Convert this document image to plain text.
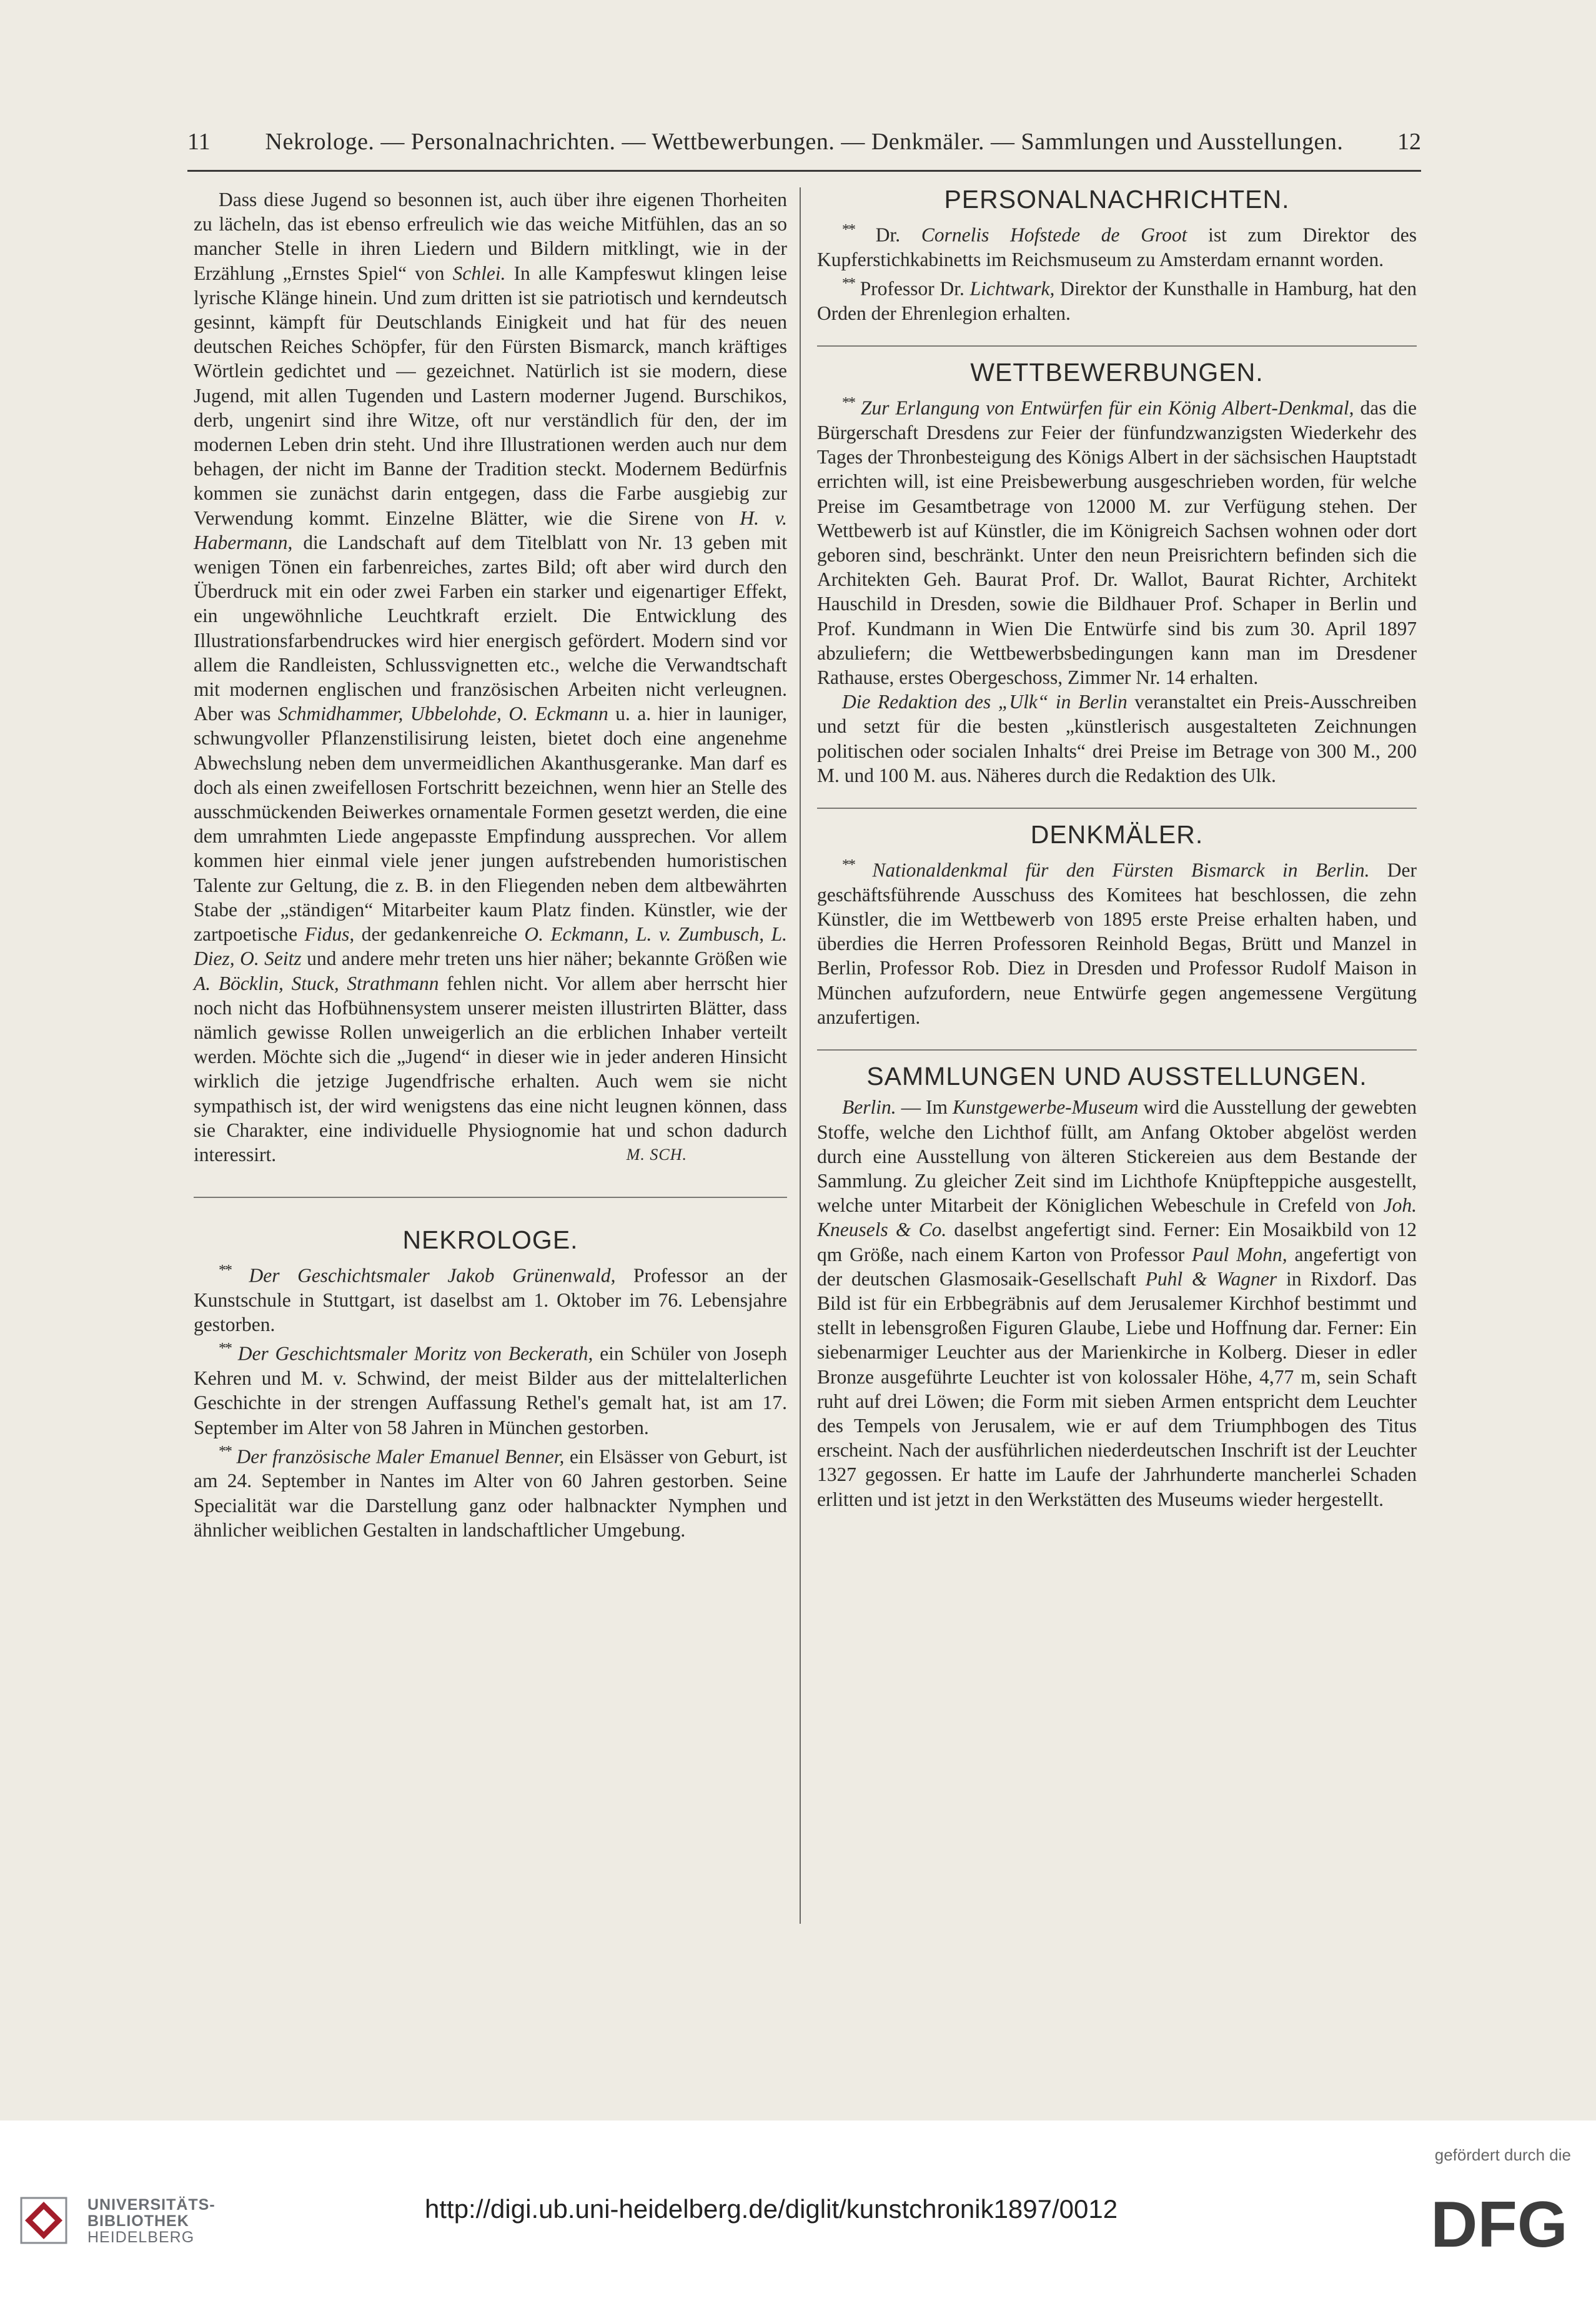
11	Nekrologe. — Personalnachrichten. — Wettbewerbungen. — Denkmäler. — Sammlungen und Ausstellungen.	12

Dass diese Jugend so besonnen ist, auch über ihre eigenen Thorheiten zu lächeln, das ist ebenso erfreulich wie das weiche Mitfühlen, das an so mancher Stelle in ihren Liedern und Bildern mitklingt, wie in der Erzählung „Ernstes Spiel“ von Schlei. In alle Kampfeswut klingen leise lyrische Klänge hinein. Und zum dritten ist sie patriotisch und kerndeutsch gesinnt, kämpft für Deutschlands Einigkeit und hat für des neuen deutschen Reiches Schöpfer, für den Fürsten Bismarck, manch kräftiges Wörtlein gedichtet und — gezeichnet. Natürlich ist sie modern, diese Jugend, mit allen Tugenden und Lastern moderner Jugend. Burschikos, derb, ungenirt sind ihre Witze, oft nur verständlich für den, der im modernen Leben drin steht. Und ihre Illustrationen werden auch nur dem behagen, der nicht im Banne der Tradition steckt. Modernem Bedürfnis kommen sie zunächst darin entgegen, dass die Farbe ausgiebig zur Verwendung kommt. Einzelne Blätter, wie die Sirene von H. v. Habermann, die Landschaft auf dem Titelblatt von Nr. 13 geben mit wenigen Tönen ein farbenreiches, zartes Bild; oft aber wird durch den Überdruck mit ein oder zwei Farben ein starker und eigenartiger Effekt, ein ungewöhnliche Leuchtkraft erzielt. Die Entwicklung des Illustrationsfarbendruckes wird hier energisch gefördert. Modern sind vor allem die Randleisten, Schlussvignetten etc., welche die Verwandtschaft mit modernen englischen und französischen Arbeiten nicht verleugnen. Aber was Schmidhammer, Ubbelohde, O. Eckmann u. a. hier in launiger, schwungvoller Pflanzenstilisirung leisten, bietet doch eine angenehme Abwechslung neben dem unvermeidlichen Akanthusgeranke. Man darf es doch als einen zweifellosen Fortschritt bezeichnen, wenn hier an Stelle des ausschmückenden Beiwerkes ornamentale Formen gesetzt werden, die eine dem umrahmten Liede angepasste Empfindung aussprechen. Vor allem kommen hier einmal viele jener jungen aufstrebenden humoristischen Talente zur Geltung, die z. B. in den Fliegenden neben dem altbewährten Stabe der „ständigen“ Mitarbeiter kaum Platz finden. Künstler, wie der zartpoetische Fidus, der gedankenreiche O. Eckmann, L. v. Zumbusch, L. Diez, O. Seitz und andere mehr treten uns hier näher; bekannte Größen wie A. Böcklin, Stuck, Strathmann fehlen nicht. Vor allem aber herrscht hier noch nicht das Hofbühnensystem unserer meisten illustrirten Blätter, dass nämlich gewisse Rollen unweigerlich an die erblichen Inhaber verteilt werden. Möchte sich die „Jugend“ in dieser wie in jeder anderen Hinsicht wirklich die jetzige Jugendfrische erhalten. Auch wem sie nicht sympathisch ist, der wird wenigstens das eine nicht leugnen können, dass sie Charakter, eine individuelle Physiognomie hat und schon dadurch interessirt.	M. SCH.

NEKROLOGE.

** Der Geschichtsmaler Jakob Grünenwald, Professor an der Kunstschule in Stuttgart, ist daselbst am 1. Oktober im 76. Lebensjahre gestorben.

** Der Geschichtsmaler Moritz von Beckerath, ein Schüler von Joseph Kehren und M. v. Schwind, der meist Bilder aus der mittelalterlichen Geschichte in der strengen Auffassung Rethel's gemalt hat, ist am 17. September im Alter von 58 Jahren in München gestorben.

** Der französische Maler Emanuel Benner, ein Elsässer von Geburt, ist am 24. September in Nantes im Alter von 60 Jahren gestorben. Seine Specialität war die Darstellung ganz oder halbnackter Nymphen und ähnlicher weiblichen Gestalten in landschaftlicher Umgebung.

PERSONALNACHRICHTEN.

** Dr. Cornelis Hofstede de Groot ist zum Direktor des Kupferstichkabinetts im Reichsmuseum zu Amsterdam ernannt worden.

** Professor Dr. Lichtwark, Direktor der Kunsthalle in Hamburg, hat den Orden der Ehrenlegion erhalten.

WETTBEWERBUNGEN.

** Zur Erlangung von Entwürfen für ein König Albert-Denkmal, das die Bürgerschaft Dresdens zur Feier der fünfundzwanzigsten Wiederkehr des Tages der Thronbesteigung des Königs Albert in der sächsischen Hauptstadt errichten will, ist eine Preisbewerbung ausgeschrieben worden, für welche Preise im Gesamtbetrage von 12000 M. zur Verfügung stehen. Der Wettbewerb ist auf Künstler, die im Königreich Sachsen wohnen oder dort geboren sind, beschränkt. Unter den neun Preisrichtern befinden sich die Architekten Geh. Baurat Prof. Dr. Wallot, Baurat Richter, Architekt Hauschild in Dresden, sowie die Bildhauer Prof. Schaper in Berlin und Prof. Kundmann in Wien Die Entwürfe sind bis zum 30. April 1897 abzuliefern; die Wettbewerbsbedingungen kann man im Dresdener Rathause, erstes Obergeschoss, Zimmer Nr. 14 erhalten.

Die Redaktion des „Ulk“ in Berlin veranstaltet ein Preis-Ausschreiben und setzt für die besten „künstlerisch ausgestalteten Zeichnungen politischen oder socialen Inhalts“ drei Preise im Betrage von 300 M., 200 M. und 100 M. aus. Näheres durch die Redaktion des Ulk.

DENKMÄLER.

** Nationaldenkmal für den Fürsten Bismarck in Berlin. Der geschäftsführende Ausschuss des Komitees hat beschlossen, die zehn Künstler, die im Wettbewerb von 1895 erste Preise erhalten haben, und überdies die Herren Professoren Reinhold Begas, Brütt und Manzel in Berlin, Professor Rob. Diez in Dresden und Professor Rudolf Maison in München aufzufordern, neue Entwürfe gegen angemessene Vergütung anzufertigen.

SAMMLUNGEN UND AUSSTELLUNGEN.

Berlin. — Im Kunstgewerbe-Museum wird die Ausstellung der gewebten Stoffe, welche den Lichthof füllt, am Anfang Oktober abgelöst werden durch eine Ausstellung von älteren Stickereien aus dem Bestande der Sammlung. Zu gleicher Zeit sind im Lichthofe Knüpfteppiche ausgestellt, welche unter Mitarbeit der Königlichen Webeschule in Crefeld von Joh. Kneusels & Co. daselbst angefertigt sind. Ferner: Ein Mosaikbild von 12 qm Größe, nach einem Karton von Professor Paul Mohn, angefertigt von der deutschen Glasmosaik-Gesellschaft Puhl & Wagner in Rixdorf. Das Bild ist für ein Erbbegräbnis auf dem Jerusalemer Kirchhof bestimmt und stellt in lebensgroßen Figuren Glaube, Liebe und Hoffnung dar. Ferner: Ein siebenarmiger Leuchter aus der Marienkirche in Kolberg. Dieser in edler Bronze ausgeführte Leuchter ist von kolossaler Höhe, 4,77 m, sein Schaft ruht auf drei Löwen; die Form mit sieben Armen entspricht dem Leuchter des Tempels von Jerusalem, wie er auf dem Triumphbogen des Titus erscheint. Nach der ausführlichen niederdeutschen Inschrift ist der Leuchter 1327 gegossen. Er hatte im Laufe der Jahrhunderte mancherlei Schaden erlitten und ist jetzt in den Werkstätten des Museums wieder hergestellt.

UNIVERSITÄTS-
BIBLIOTHEK
HEIDELBERG
http://digi.ub.uni-heidelberg.de/diglit/kunstchronik1897/0012
gefördert durch die
DFG
